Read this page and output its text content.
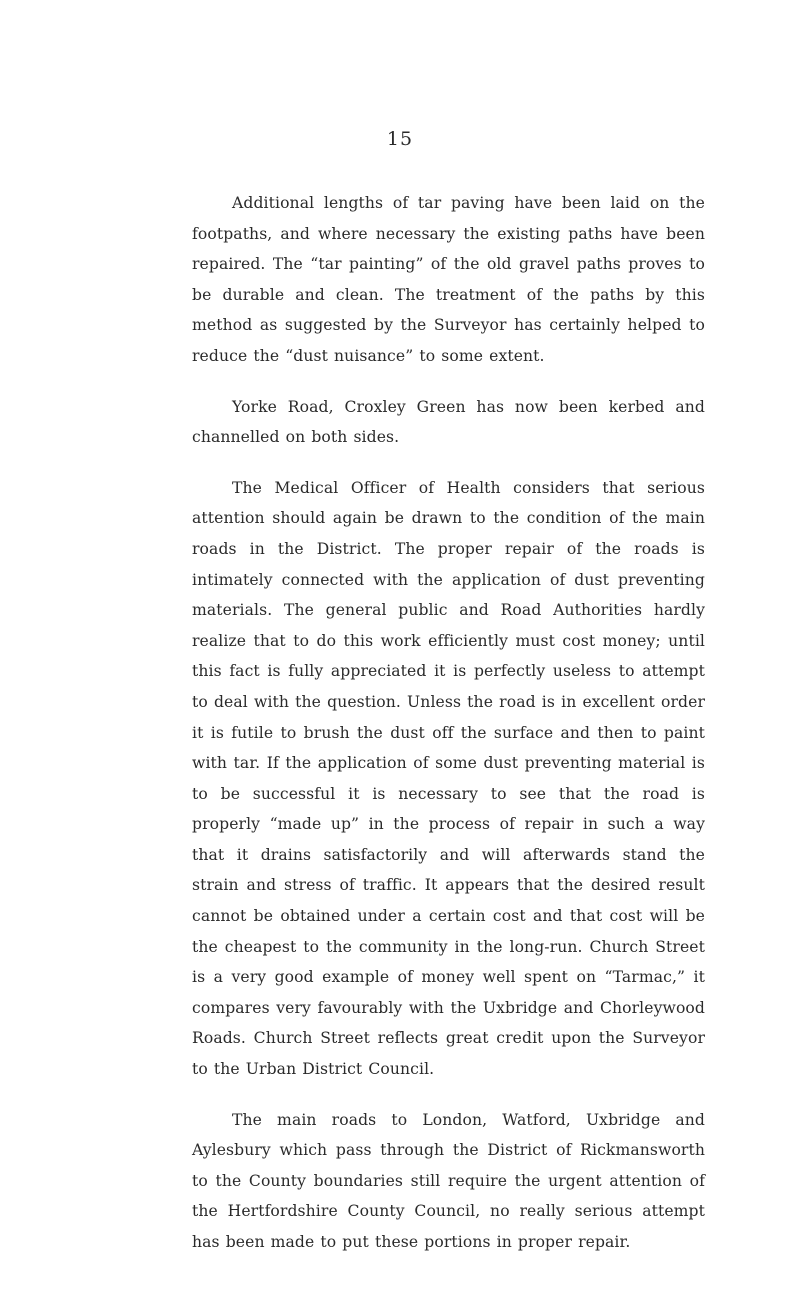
15

Additional lengths of tar paving have been laid on the footpaths, and where necessary the existing paths have been repaired. The “tar painting” of the old gravel paths proves to be durable and clean. The treatment of the paths by this method as suggested by the Surveyor has certainly helped to reduce the “dust nuisance” to some extent.

Yorke Road, Croxley Green has now been kerbed and channelled on both sides.

The Medical Officer of Health considers that serious attention should again be drawn to the condition of the main roads in the District. The proper repair of the roads is intimately connected with the application of dust preventing materials. The general public and Road Authorities hardly realize that to do this work efficiently must cost money; until this fact is fully appreciated it is perfectly useless to attempt to deal with the question. Unless the road is in excellent order it is futile to brush the dust off the surface and then to paint with tar. If the application of some dust preventing material is to be successful it is necessary to see that the road is properly “made up” in the process of repair in such a way that it drains satisfactorily and will afterwards stand the strain and stress of traffic. It appears that the desired result cannot be obtained under a certain cost and that cost will be the cheapest to the community in the long-run. Church Street is a very good example of money well spent on “Tarmac,” it compares very favourably with the Uxbridge and Chorleywood Roads. Church Street reflects great credit upon the Surveyor to the Urban District Council.

The main roads to London, Watford, Uxbridge and Aylesbury which pass through the District of Rickmansworth to the County boundaries still require the urgent attention of the Hertfordshire County Council, no really serious attempt has been made to put these portions in proper repair.
